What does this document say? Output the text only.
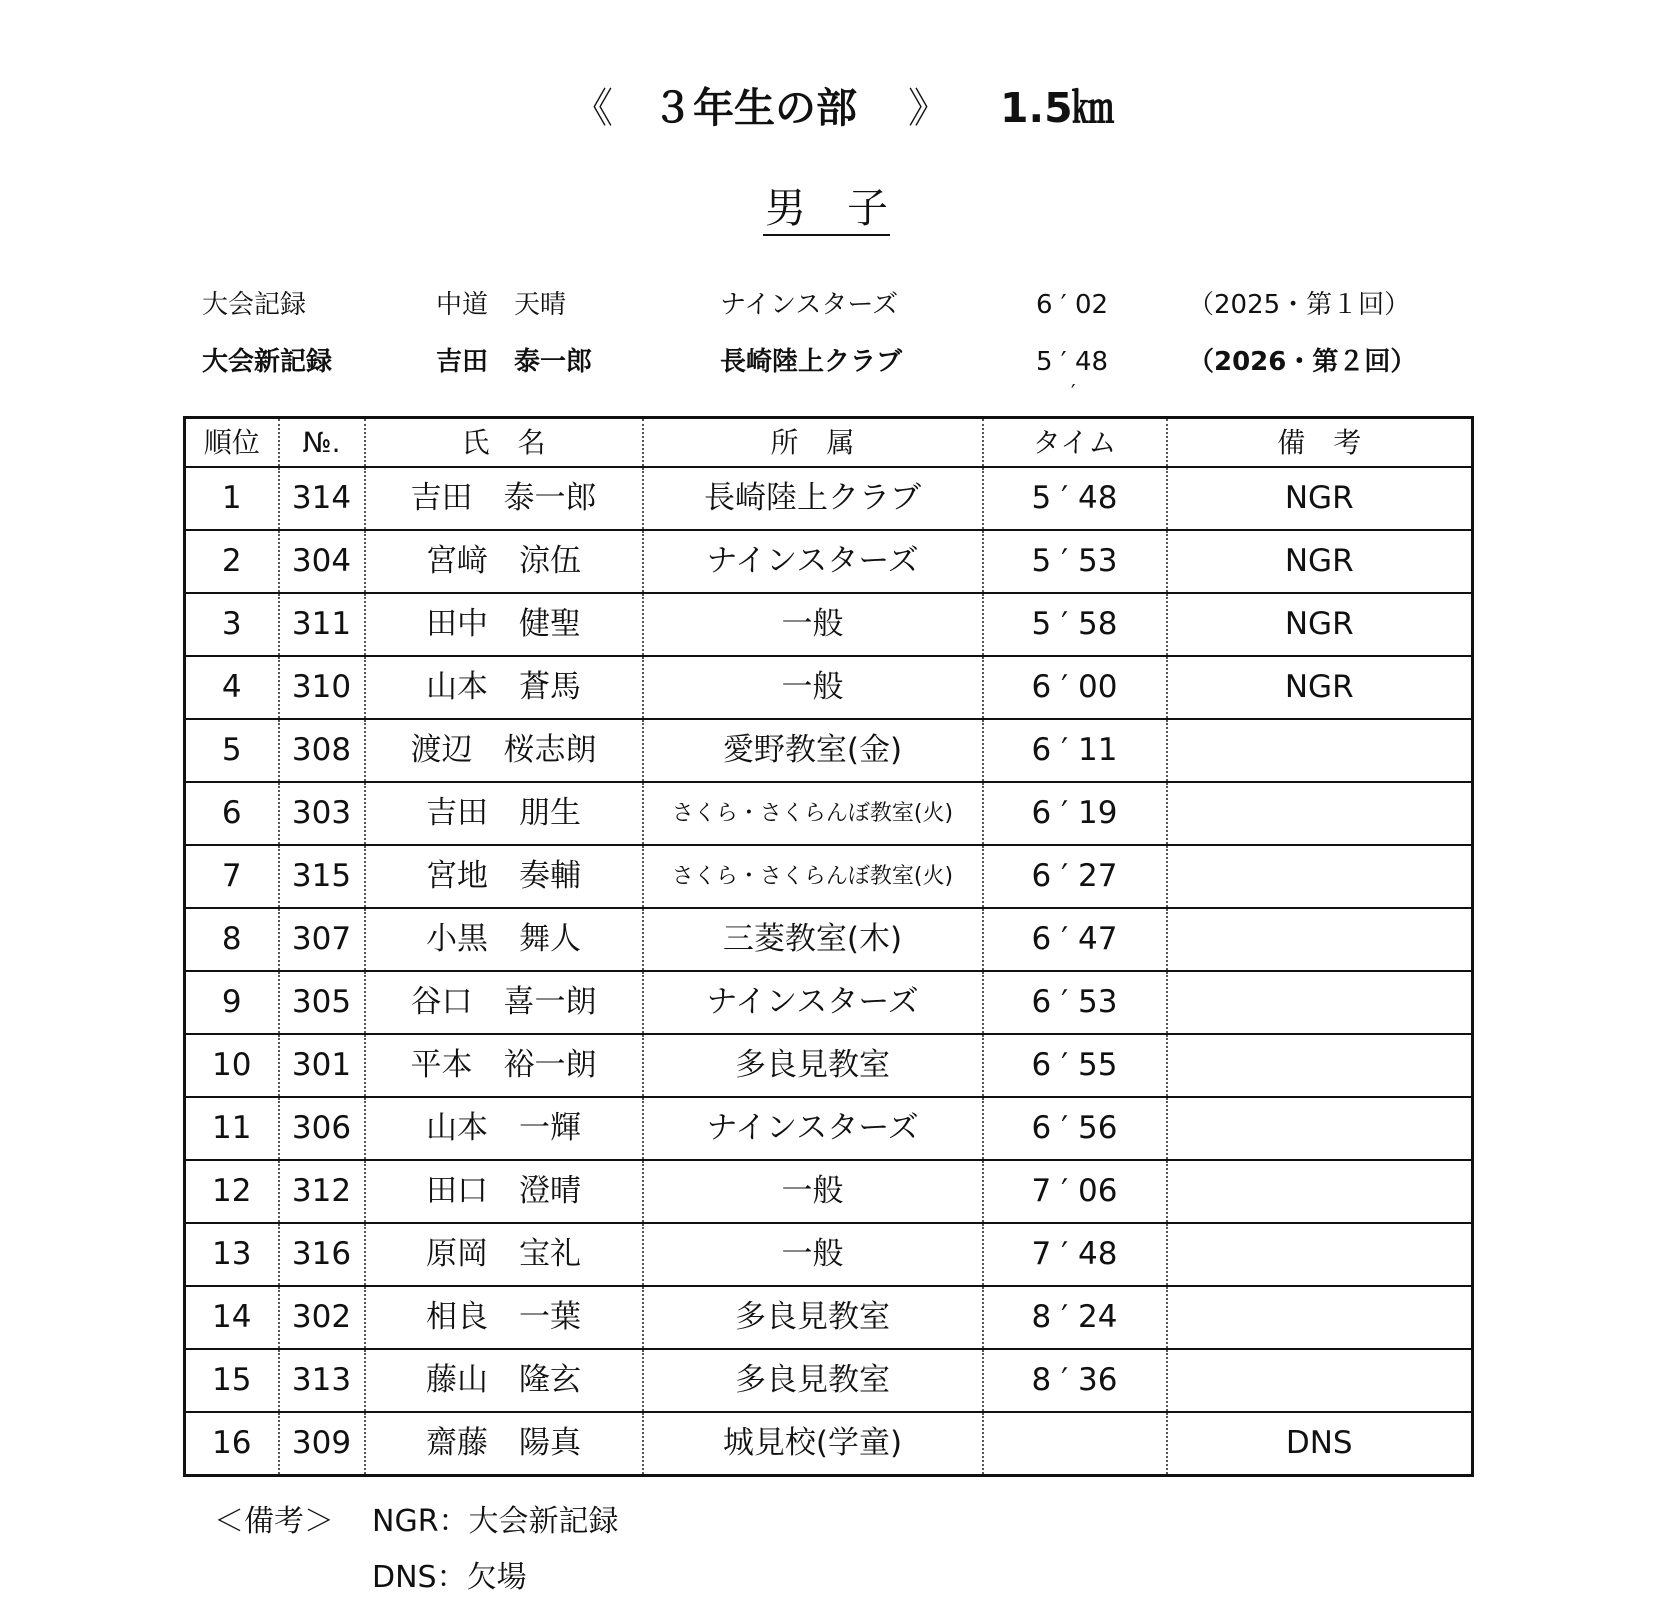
《 ３年生の部 》 1.5㎞
男　子
大会記録	中道　天晴	ナインスターズ	6 ′ 02	（2025・第１回）
大会新記録	吉田　泰一郎	長崎陸上クラブ	5 ′ 48	（2026・第２回）
′
順位	№.	氏　名	所　属	タイム	備　考
1	314	吉田　泰一郎	長崎陸上クラブ	5 ′ 48	NGR
2	304	宮﨑　涼伍	ナインスターズ	5 ′ 53	NGR
3	311	田中　健聖	一般	5 ′ 58	NGR
4	310	山本　蒼馬	一般	6 ′ 00	NGR
5	308	渡辺　桜志朗	愛野教室(金)	6 ′ 11	
6	303	吉田　朋生	さくら・さくらんぼ教室(火)	6 ′ 19	
7	315	宮地　奏輔	さくら・さくらんぼ教室(火)	6 ′ 27	
8	307	小黒　舞人	三菱教室(木)	6 ′ 47	
9	305	谷口　喜一朗	ナインスターズ	6 ′ 53	
10	301	平本　裕一朗	多良見教室	6 ′ 55	
11	306	山本　一輝	ナインスターズ	6 ′ 56	
12	312	田口　澄晴	一般	7 ′ 06	
13	316	原岡　宝礼	一般	7 ′ 48	
14	302	相良　一葉	多良見教室	8 ′ 24	
15	313	藤山　隆玄	多良見教室	8 ′ 36	
16	309	齋藤　陽真	城見校(学童)		DNS
＜備考＞ NGR：大会新記録
DNS：欠場
